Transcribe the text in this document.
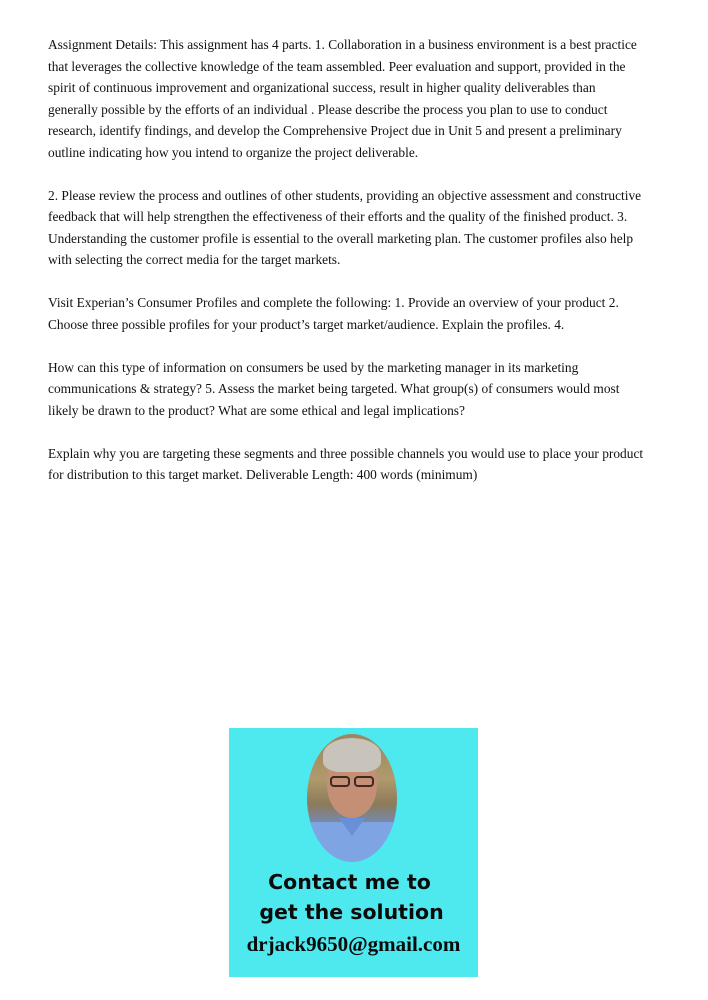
Assignment Details: This assignment has 4 parts. 1. Collaboration in a business environment is a best practice that leverages the collective knowledge of the team assembled. Peer evaluation and support, provided in the spirit of continuous improvement and organizational success, result in higher quality deliverables than generally possible by the efforts of an individual . Please describe the process you plan to use to conduct research, identify findings, and develop the Comprehensive Project due in Unit 5 and present a preliminary outline indicating how you intend to organize the project deliverable.

2. Please review the process and outlines of other students, providing an objective assessment and constructive feedback that will help strengthen the effectiveness of their efforts and the quality of the finished product. 3. Understanding the customer profile is essential to the overall marketing plan. The customer profiles also help with selecting the correct media for the target markets.

Visit Experian’s Consumer Profiles and complete the following: 1. Provide an overview of your product 2. Choose three possible profiles for your product’s target market/audience. Explain the profiles. 4.

How can this type of information on consumers be used by the marketing manager in its marketing communications & strategy? 5. Assess the market being targeted. What group(s) of consumers would most likely be drawn to the product? What are some ethical and legal implications?

Explain why you are targeting these segments and three possible channels you would use to place your product for distribution to this target market. Deliverable Length: 400 words (minimum)

Contact me to
get the solution
drjack9650@gmail.com
